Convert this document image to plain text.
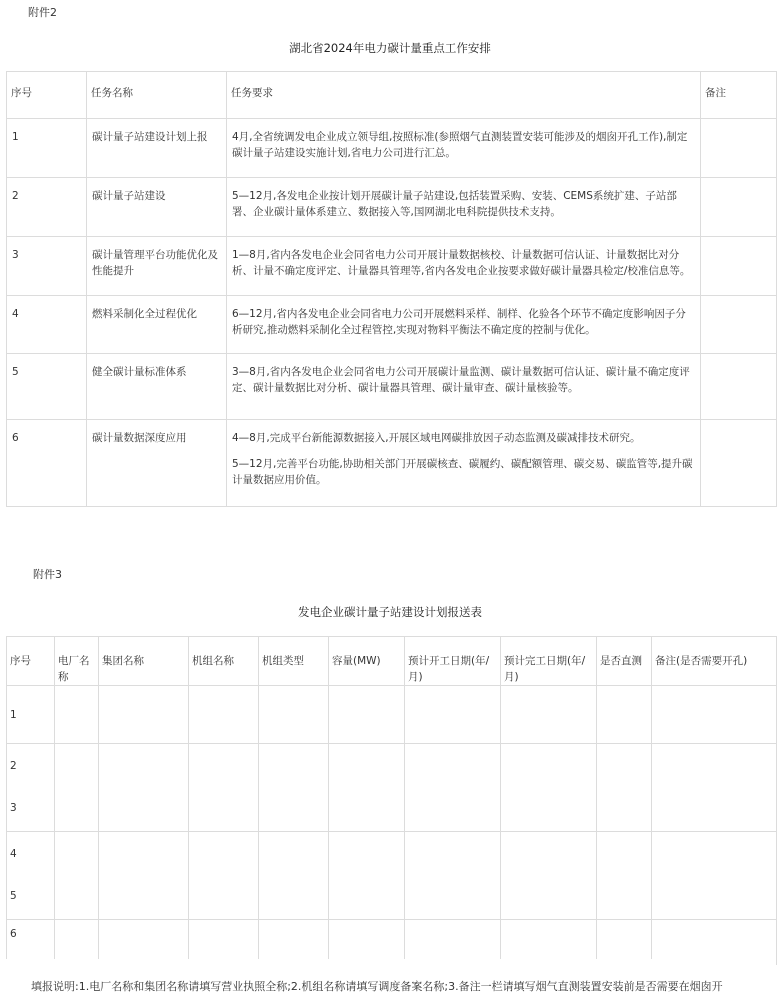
附件2
湖北省2024年电力碳计量重点工作安排
序号	任务名称	任务要求	备注
1	碳计量子站建设计划上报	4月,全省统调发电企业成立领导组,按照标准(参照烟气直测装置安装可能涉及的烟囱开孔工作),制定碳计量子站建设实施计划,省电力公司进行汇总。	

2	碳计量子站建设	5—12月,各发电企业按计划开展碳计量子站建设,包括装置采购、安装、CEMS系统扩建、子站部署、企业碳计量体系建立、数据接入等,国网湖北电科院提供技术支持。	

3	碳计量管理平台功能优化及性能提升	1—8月,省内各发电企业会同省电力公司开展计量数据核校、计量数据可信认证、计量数据比对分析、计量不确定度评定、计量器具管理等,省内各发电企业按要求做好碳计量器具检定/校准信息等。	

4	燃料采制化全过程优化	6—12月,省内各发电企业会同省电力公司开展燃料采样、制样、化验各个环节不确定度影响因子分析研究,推动燃料采制化全过程管控,实现对物料平衡法不确定度的控制与优化。	

5	健全碳计量标准体系	3—8月,省内各发电企业会同省电力公司开展碳计量监测、碳计量数据可信认证、碳计量不确定度评定、碳计量数据比对分析、碳计量器具管理、碳计量审查、碳计量核验等。	

6	碳计量数据深度应用	4—8月,完成平台新能源数据接入,开展区域电网碳排放因子动态监测及碳减排技术研究。

5—12月,完善平台功能,协助相关部门开展碳核查、碳履约、碳配额管理、碳交易、碳监管等,提升碳计量数据应用价值。	

附件3
发电企业碳计量子站建设计划报送表
序号	电厂名称	集团名称	机组名称	机组类型	容量(MW)	预计开工日期(年/月)	预计完工日期(年/月)	是否直测	备注(是否需要开孔)
1									

2
3									

4
5									

6									
填报说明:1.电厂名称和集团名称请填写营业执照全称;2.机组名称请填写调度备案名称;3.备注一栏请填写烟气直测装置安装前是否需要在烟囱开
